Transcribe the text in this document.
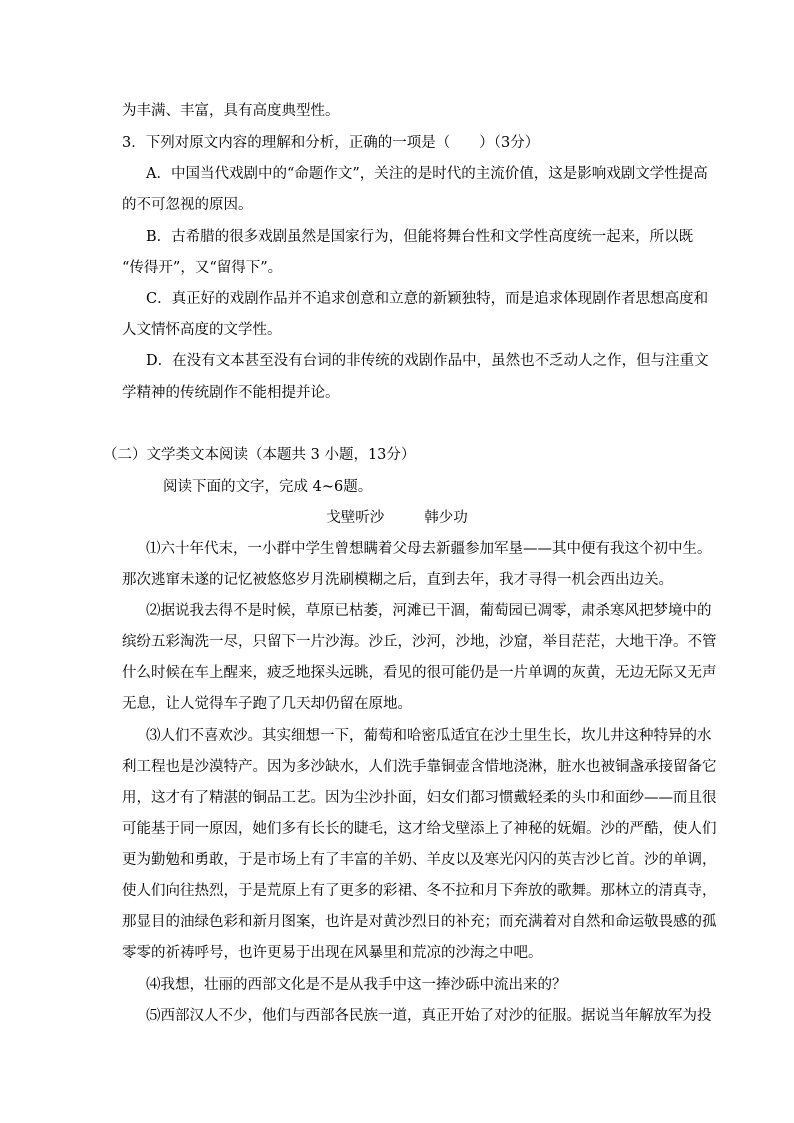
为丰满、丰富，具有高度典型性。
3．下列对原文内容的理解和分析，正确的一项是（　　）（3分）
A．中国当代戏剧中的“命题作文”，关注的是时代的主流价值，这是影响戏剧文学性提高
的不可忽视的原因。
B．古希腊的很多戏剧虽然是国家行为，但能将舞台性和文学性高度统一起来，所以既
“传得开”，又“留得下”。
C．真正好的戏剧作品并不追求创意和立意的新颖独特，而是追求体现剧作者思想高度和
人文情怀高度的文学性。
D．在没有文本甚至没有台词的非传统的戏剧作品中，虽然也不乏动人之作，但与注重文
学精神的传统剧作不能相提并论。
（二）文学类文本阅读（本题共 3 小题，13分）
阅读下面的文字，完成 4~6题。
戈壁听沙	韩少功
⑴六十年代末，一小群中学生曾想瞒着父母去新疆参加军垦——其中便有我这个初中生。
那次逃窜未遂的记忆被悠悠岁月洗刷模糊之后，直到去年，我才寻得一机会西出边关。
⑵据说我去得不是时候，草原已枯萎，河滩已干涸，葡萄园已凋零，肃杀寒风把梦境中的
缤纷五彩淘洗一尽，只留下一片沙海。沙丘，沙河，沙地，沙窟，举目茫茫，大地干净。不管
什么时候在车上醒来，疲乏地探头远眺，看见的很可能仍是一片单调的灰黄，无边无际又无声
无息，让人觉得车子跑了几天却仍留在原地。
⑶人们不喜欢沙。其实细想一下，葡萄和哈密瓜适宜在沙土里生长，坎儿井这种特异的水
利工程也是沙漠特产。因为多沙缺水，人们洗手靠铜壶含惜地浇淋，脏水也被铜盏承接留备它
用，这才有了精湛的铜品工艺。因为尘沙扑面，妇女们都习惯戴轻柔的头巾和面纱——而且很
可能基于同一原因，她们多有长长的睫毛，这才给戈壁添上了神秘的妩媚。沙的严酷，使人们
更为勤勉和勇敢，于是市场上有了丰富的羊奶、羊皮以及寒光闪闪的英吉沙匕首。沙的单调，
使人们向往热烈，于是荒原上有了更多的彩裙、冬不拉和月下奔放的歌舞。那林立的清真寺，
那显目的油绿色彩和新月图案，也许是对黄沙烈日的补充；而充满着对自然和命运敬畏感的孤
零零的祈祷呼号，也许更易于出现在风暴里和荒凉的沙海之中吧。
⑷我想，壮丽的西部文化是不是从我手中这一捧沙砾中流出来的？
⑸西部汉人不少，他们与西部各民族一道，真正开始了对沙的征服。据说当年解放军为投
